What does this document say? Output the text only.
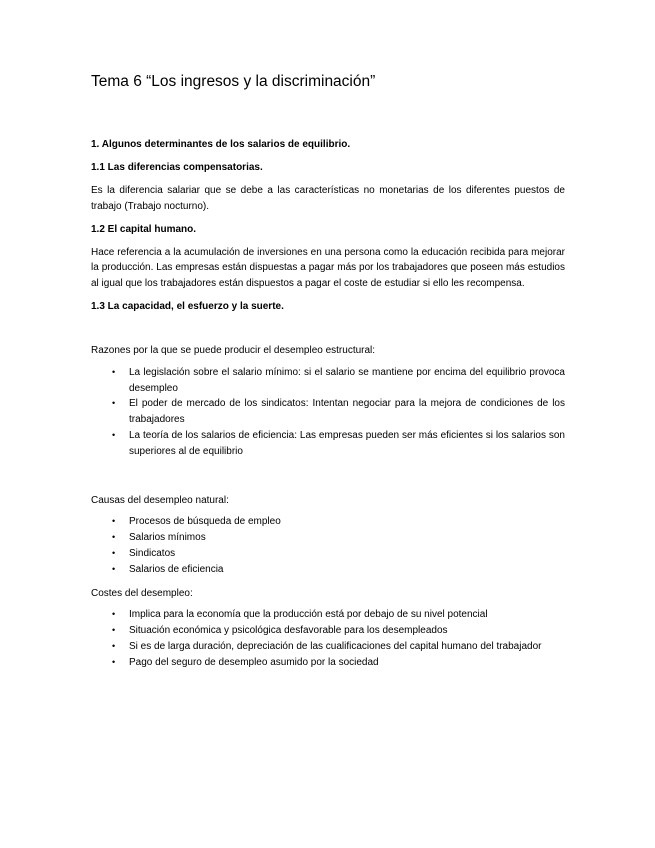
Tema 6 “Los ingresos y la discriminación”
1. Algunos determinantes de los salarios de equilibrio.
1.1 Las diferencias compensatorias.

Es la diferencia salariar que se debe a las características no monetarias de los diferentes puestos de trabajo (Trabajo nocturno).

1.2 El capital humano.

Hace referencia a la acumulación de inversiones en una persona como la educación recibida para mejorar la producción. Las empresas están dispuestas a pagar más por los trabajadores que poseen más estudios al igual que los trabajadores están dispuestos a pagar el coste de estudiar si ello les recompensa.

1.3 La capacidad, el esfuerzo y la suerte.

Razones por la que se puede producir el desempleo estructural:

• La legislación sobre el salario mínimo: si el salario se mantiene por encima del equilibrio provoca desempleo
• El poder de mercado de los sindicatos: Intentan negociar para la mejora de condiciones de los trabajadores
• La teoría de los salarios de eficiencia: Las empresas pueden ser más eficientes si los salarios son superiores al de equilibrio

Causas del desempleo natural:

• Procesos de búsqueda de empleo
• Salarios mínimos
• Sindicatos
• Salarios de eficiencia

Costes del desempleo:

• Implica para la economía que la producción está por debajo de su nivel potencial
• Situación económica y psicológica desfavorable para los desempleados
• Si es de larga duración, depreciación de las cualificaciones del capital humano del trabajador
• Pago del seguro de desempleo asumido por la sociedad
